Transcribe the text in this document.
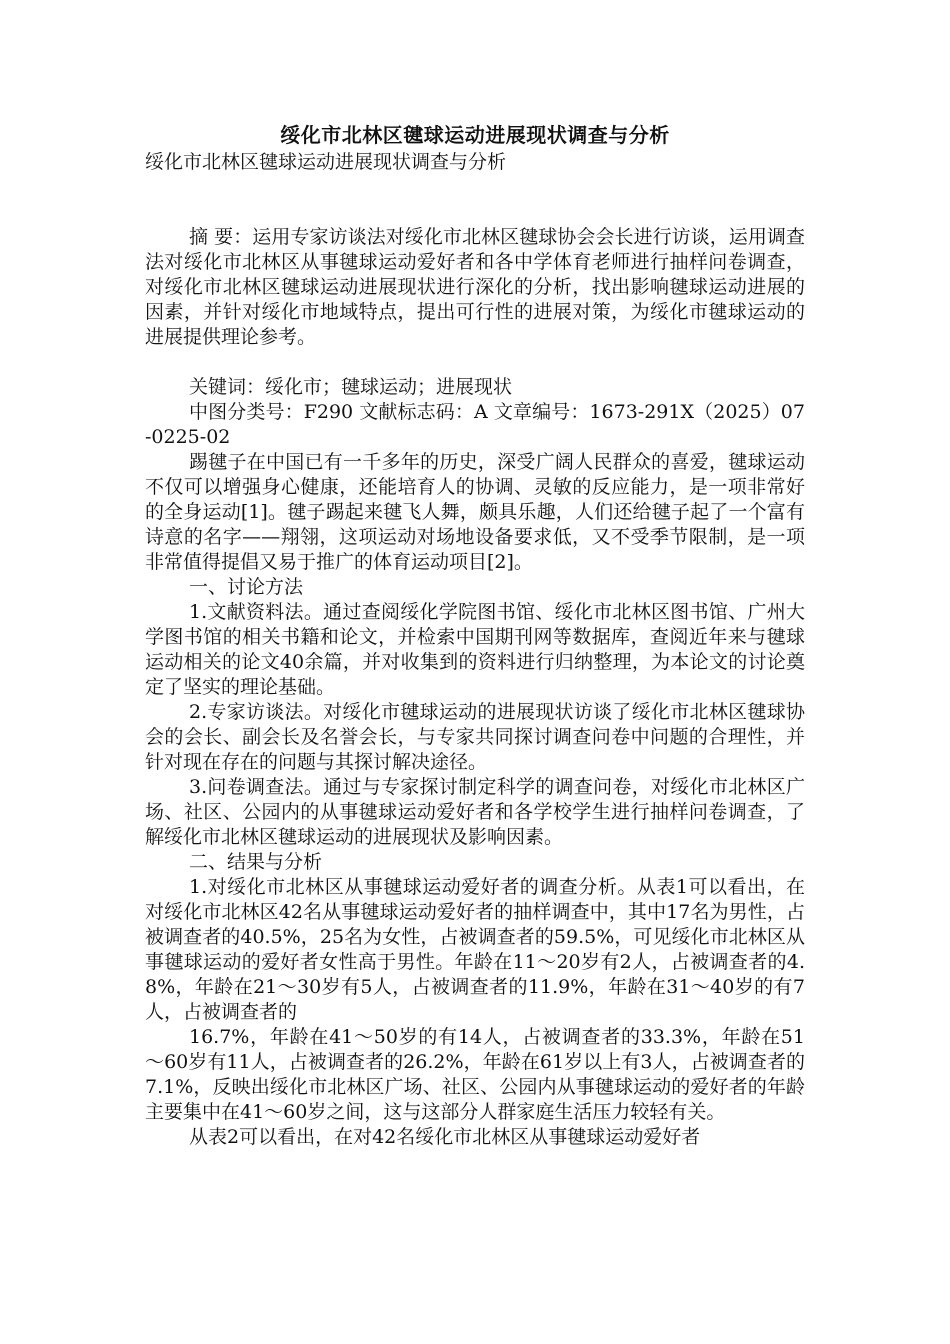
绥化市北林区毽球运动进展现状调查与分析

绥化市北林区毽球运动进展现状调查与分析

摘 要：运用专家访谈法对绥化市北林区毽球协会会长进行访谈，运用调查法对绥化市北林区从事毽球运动爱好者和各中学体育老师进行抽样问卷调查，对绥化市北林区毽球运动进展现状进行深化的分析，找出影响毽球运动进展的因素，并针对绥化市地域特点，提出可行性的进展对策，为绥化市毽球运动的进展提供理论参考。

关键词：绥化市；毽球运动；进展现状

中图分类号：F290 文献标志码：A 文章编号：1673-291X（2025）07-0225-02

踢毽子在中国已有一千多年的历史，深受广阔人民群众的喜爱，毽球运动不仅可以增强身心健康，还能培育人的协调、灵敏的反应能力，是一项非常好的全身运动[1]。毽子踢起来毽飞人舞，颇具乐趣，人们还给毽子起了一个富有诗意的名字——翔翎，这项运动对场地设备要求低，又不受季节限制，是一项非常值得提倡又易于推广的体育运动项目[2]。

一、讨论方法

1.文献资料法。通过查阅绥化学院图书馆、绥化市北林区图书馆、广州大学图书馆的相关书籍和论文，并检索中国期刊网等数据库，查阅近年来与毽球运动相关的论文40余篇，并对收集到的资料进行归纳整理，为本论文的讨论奠定了坚实的理论基础。

2.专家访谈法。对绥化市毽球运动的进展现状访谈了绥化市北林区毽球协会的会长、副会长及名誉会长，与专家共同探讨调查问卷中问题的合理性，并针对现在存在的问题与其探讨解决途径。

3.问卷调查法。通过与专家探讨制定科学的调查问卷，对绥化市北林区广场、社区、公园内的从事毽球运动爱好者和各学校学生进行抽样问卷调查，了解绥化市北林区毽球运动的进展现状及影响因素。

二、结果与分析

1.对绥化市北林区从事毽球运动爱好者的调查分析。从表1可以看出，在对绥化市北林区42名从事毽球运动爱好者的抽样调查中，其中17名为男性，占被调查者的40.5%，25名为女性，占被调查者的59.5%，可见绥化市北林区从事毽球运动的爱好者女性高于男性。年龄在11～20岁有2人，占被调查者的4.8%，年龄在21～30岁有5人，占被调查者的11.9%，年龄在31～40岁的有7人，占被调查者的

16.7%，年龄在41～50岁的有14人，占被调查者的33.3%，年龄在51～60岁有11人，占被调查者的26.2%，年龄在61岁以上有3人，占被调查者的7.1%，反映出绥化市北林区广场、社区、公园内从事毽球运动的爱好者的年龄主要集中在41～60岁之间，这与这部分人群家庭生活压力较轻有关。

从表2可以看出，在对42名绥化市北林区从事毽球运动爱好者
